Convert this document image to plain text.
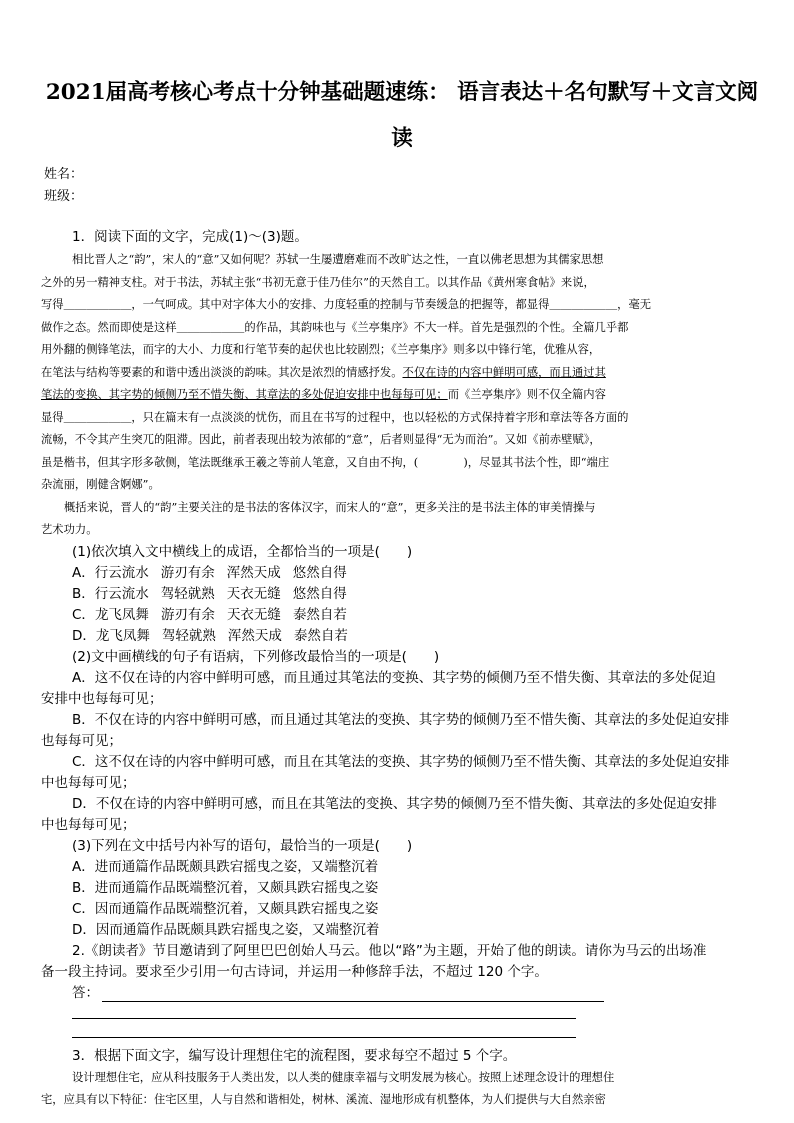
2021届高考核心考点十分钟基础题速练： 语言表达＋名句默写＋文言文阅
读
姓名：
班级：
1．阅读下面的文字，完成(1)～(3)题。
相比晋人之“韵”，宋人的“意”又如何呢？苏轼一生屡遭磨难而不改旷达之性，一直以佛老思想为其儒家思想
之外的另一精神支柱。对于书法，苏轼主张“书初无意于佳乃佳尔”的天然自工。以其作品《黄州寒食帖》来说，
写得＿＿＿＿＿＿，一气呵成。其中对字体大小的安排、力度轻重的控制与节奏缓急的把握等，都显得＿＿＿＿＿＿，毫无
做作之态。然而即使是这样＿＿＿＿＿＿的作品，其韵味也与《兰亭集序》不大一样。首先是强烈的个性。全篇几乎都
用外翻的侧锋笔法，而字的大小、力度和行笔节奏的起伏也比较剧烈；《兰亭集序》则多以中锋行笔，优雅从容，
在笔法与结构等要素的和谐中透出淡淡的韵味。其次是浓烈的情感抒发。不仅在诗的内容中鲜明可感，而且通过其
笔法的变换、其字势的倾侧乃至不惜失衡、其章法的多处促迫安排中也每每可见；而《兰亭集序》则不仅全篇内容
显得＿＿＿＿＿＿，只在篇末有一点淡淡的忧伤，而且在书写的过程中，也以轻松的方式保持着字形和章法等各方面的
流畅，不令其产生突兀的阻滞。因此，前者表现出较为浓郁的“意”，后者则显得“无为而治”。又如《前赤壁赋》，
虽是楷书，但其字形多欹侧，笔法既继承王羲之等前人笔意，又自由不拘，(　　　　)，尽显其书法个性，即“端庄
杂流丽，刚健含婀娜”。
概括来说，晋人的“韵”主要关注的是书法的客体汉字，而宋人的“意”，更多关注的是书法主体的审美情操与
艺术功力。
(1)依次填入文中横线上的成语，全都恰当的一项是(　　)
A．行云流水 游刃有余 浑然天成 悠然自得
B．行云流水 驾轻就熟 天衣无缝 悠然自得
C．龙飞凤舞 游刃有余 天衣无缝 泰然自若
D．龙飞凤舞 驾轻就熟 浑然天成 泰然自若
(2)文中画横线的句子有语病，下列修改最恰当的一项是(　　)
A．这不仅在诗的内容中鲜明可感，而且通过其笔法的变换、其字势的倾侧乃至不惜失衡、其章法的多处促迫
安排中也每每可见；
B．不仅在诗的内容中鲜明可感，而且通过其笔法的变换、其字势的倾侧乃至不惜失衡、其章法的多处促迫安排
也每每可见；
C．这不仅在诗的内容中鲜明可感，而且在其笔法的变换、其字势的倾侧乃至不惜失衡、其章法的多处促迫安排
中也每每可见；
D．不仅在诗的内容中鲜明可感，而且在其笔法的变换、其字势的倾侧乃至不惜失衡、其章法的多处促迫安排
中也每每可见；
(3)下列在文中括号内补写的语句，最恰当的一项是(　　)
A．进而通篇作品既颇具跌宕摇曳之姿，又端整沉着
B．进而通篇作品既端整沉着，又颇具跌宕摇曳之姿
C．因而通篇作品既端整沉着，又颇具跌宕摇曳之姿
D．因而通篇作品既颇具跌宕摇曳之姿，又端整沉着
2.《朗读者》节目邀请到了阿里巴巴创始人马云。他以“路”为主题，开始了他的朗读。请你为马云的出场准
备一段主持词。要求至少引用一句古诗词，并运用一种修辞手法，不超过 120 个字。
答：
3．根据下面文字，编写设计理想住宅的流程图，要求每空不超过 5 个字。
设计理想住宅，应从科技服务于人类出发，以人类的健康幸福与文明发展为核心。按照上述理念设计的理想住
宅，应具有以下特征：住宅区里，人与自然和谐相处，树林、溪流、湿地形成有机整体，为人们提供与大自然亲密
